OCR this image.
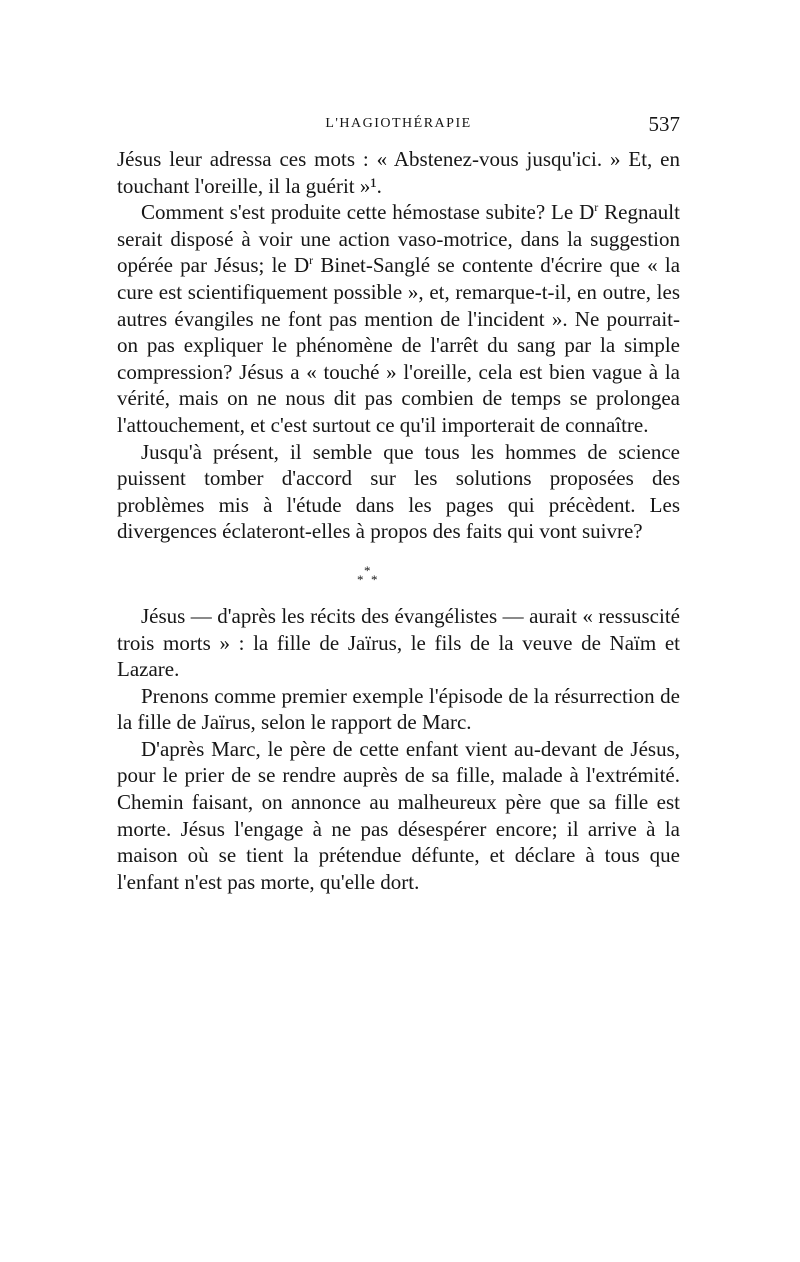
L'HAGIOTHÉRAPIE	537

Jésus leur adressa ces mots : « Abstenez-vous jusqu'ici. » Et, en touchant l'oreille, il la guérit »¹.

Comment s'est produite cette hémostase subite? Le $D^r$ Regnault serait disposé à voir une action vaso-motrice, dans la suggestion opérée par Jésus; le $D^r$ Binet-Sanglé se contente d'écrire que « la cure est scientifiquement possible », et, remarque-t-il, en outre, les autres évangiles ne font pas mention de l'incident ». Ne pourrait-on pas expliquer le phénomène de l'arrêt du sang par la simple compression? Jésus a « touché » l'oreille, cela est bien vague à la vérité, mais on ne nous dit pas combien de temps se prolongea l'attouchement, et c'est surtout ce qu'il importerait de connaître.

Jusqu'à présent, il semble que tous les hommes de science puissent tomber d'accord sur les solutions proposées des problèmes mis à l'étude dans les pages qui précèdent. Les divergences éclateront-elles à propos des faits qui vont suivre?

*
* *

Jésus — d'après les récits des évangélistes — aurait « ressuscité trois morts » : la fille de Jaïrus, le fils de la veuve de Naïm et Lazare.

Prenons comme premier exemple l'épisode de la résurrection de la fille de Jaïrus, selon le rapport de Marc.

D'après Marc, le père de cette enfant vient au-devant de Jésus, pour le prier de se rendre auprès de sa fille, malade à l'extrémité. Chemin faisant, on annonce au malheureux père que sa fille est morte. Jésus l'engage à ne pas désespérer encore; il arrive à la maison où se tient la prétendue défunte, et déclare à tous que l'enfant n'est pas morte, qu'elle dort.
